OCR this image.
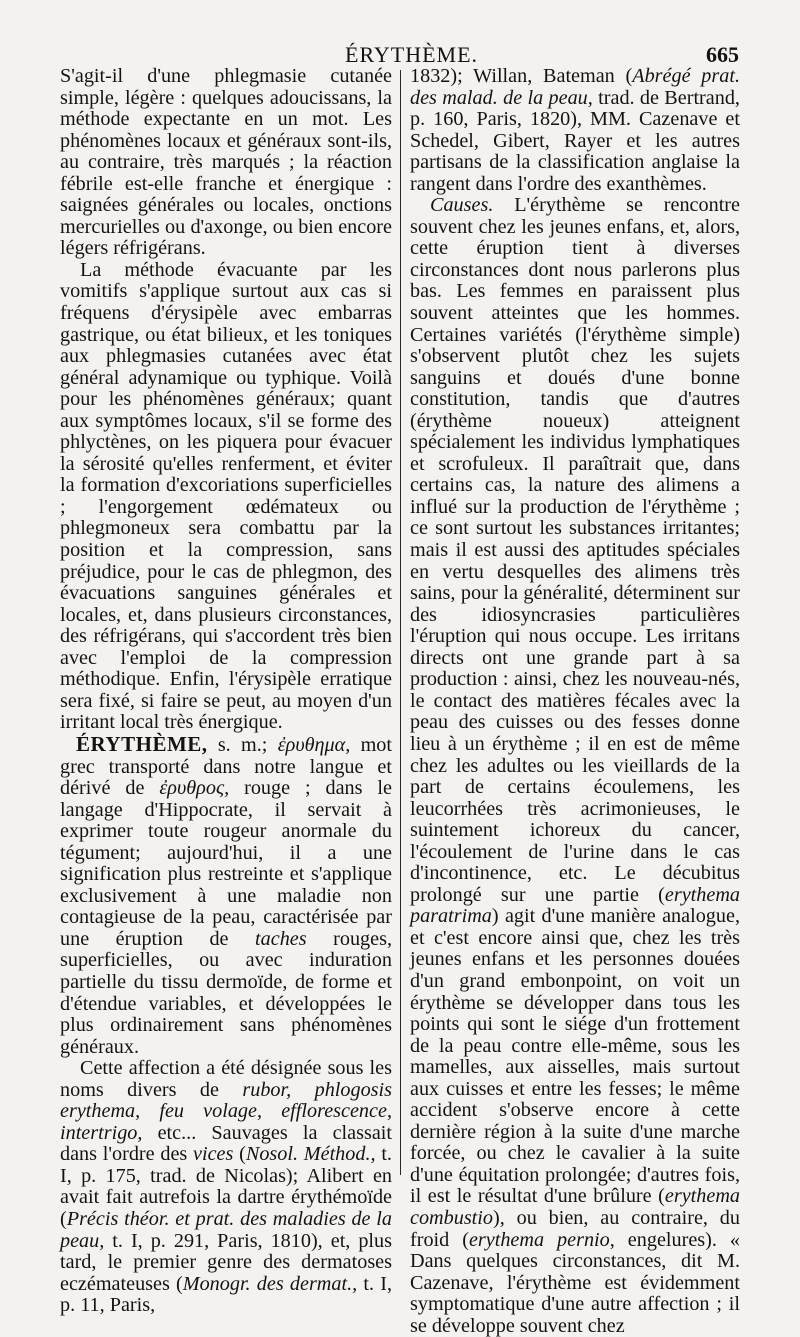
ÉRYTHÈME.	665

S'agit-il d'une phlegmasie cutanée simple, légère : quelques adoucissans, la méthode expectante en un mot. Les phénomènes locaux et généraux sont-ils, au contraire, très marqués ; la réaction fébrile est-elle franche et énergique : saignées générales ou locales, onctions mercurielles ou d'axonge, ou bien encore légers réfrigérans.

La méthode évacuante par les vomitifs s'applique surtout aux cas si fréquens d'érysipèle avec embarras gastrique, ou état bilieux, et les toniques aux phlegmasies cutanées avec état général adynamique ou typhique. Voilà pour les phénomènes généraux; quant aux symptômes locaux, s'il se forme des phlyctènes, on les piquera pour évacuer la sérosité qu'elles renferment, et éviter la formation d'excoriations superficielles ; l'engorgement œdémateux ou phlegmoneux sera combattu par la position et la compression, sans préjudice, pour le cas de phlegmon, des évacuations sanguines générales et locales, et, dans plusieurs circonstances, des réfrigérans, qui s'accordent très bien avec l'emploi de la compression méthodique. Enfin, l'érysipèle erratique sera fixé, si faire se peut, au moyen d'un irritant local très énergique.

ÉRYTHÈME, s. m.; ἐρυθημα, mot grec transporté dans notre langue et dérivé de ἐρυθρος, rouge ; dans le langage d'Hippocrate, il servait à exprimer toute rougeur anormale du tégument; aujourd'hui, il a une signification plus restreinte et s'applique exclusivement à une maladie non contagieuse de la peau, caractérisée par une éruption de taches rouges, superficielles, ou avec induration partielle du tissu dermoïde, de forme et d'étendue variables, et développées le plus ordinairement sans phénomènes généraux.

Cette affection a été désignée sous les noms divers de rubor, phlogosis erythema, feu volage, efflorescence, intertrigo, etc... Sauvages la classait dans l'ordre des vices (Nosol. Méthod., t. I, p. 175, trad. de Nicolas); Alibert en avait fait autrefois la dartre érythémoïde (Précis théor. et prat. des maladies de la peau, t. I, p. 291, Paris, 1810), et, plus tard, le premier genre des dermatoses eczémateuses (Monogr. des dermat., t. I, p. 11, Paris,

1832); Willan, Bateman (Abrégé prat. des malad. de la peau, trad. de Bertrand, p. 160, Paris, 1820), MM. Cazenave et Schedel, Gibert, Rayer et les autres partisans de la classification anglaise la rangent dans l'ordre des exanthèmes.

Causes. L'érythème se rencontre souvent chez les jeunes enfans, et, alors, cette éruption tient à diverses circonstances dont nous parlerons plus bas. Les femmes en paraissent plus souvent atteintes que les hommes. Certaines variétés (l'érythème simple) s'observent plutôt chez les sujets sanguins et doués d'une bonne constitution, tandis que d'autres (érythème noueux) atteignent spécialement les individus lymphatiques et scrofuleux. Il paraîtrait que, dans certains cas, la nature des alimens a influé sur la production de l'érythème ; ce sont surtout les substances irritantes; mais il est aussi des aptitudes spéciales en vertu desquelles des alimens très sains, pour la généralité, déterminent sur des idiosyncrasies particulières l'éruption qui nous occupe. Les irritans directs ont une grande part à sa production : ainsi, chez les nouveau-nés, le contact des matières fécales avec la peau des cuisses ou des fesses donne lieu à un érythème ; il en est de même chez les adultes ou les vieillards de la part de certains écoulemens, les leucorrhées très acrimonieuses, le suintement ichoreux du cancer, l'écoulement de l'urine dans le cas d'incontinence, etc. Le décubitus prolongé sur une partie (erythema paratrima) agit d'une manière analogue, et c'est encore ainsi que, chez les très jeunes enfans et les personnes douées d'un grand embonpoint, on voit un érythème se développer dans tous les points qui sont le siége d'un frottement de la peau contre elle-même, sous les mamelles, aux aisselles, mais surtout aux cuisses et entre les fesses; le même accident s'observe encore à cette dernière région à la suite d'une marche forcée, ou chez le cavalier à la suite d'une équitation prolongée; d'autres fois, il est le résultat d'une brûlure (erythema combustio), ou bien, au contraire, du froid (erythema pernio, engelures). « Dans quelques circonstances, dit M. Cazenave, l'érythème est évidemment symptomatique d'une autre affection ; il se développe souvent chez
